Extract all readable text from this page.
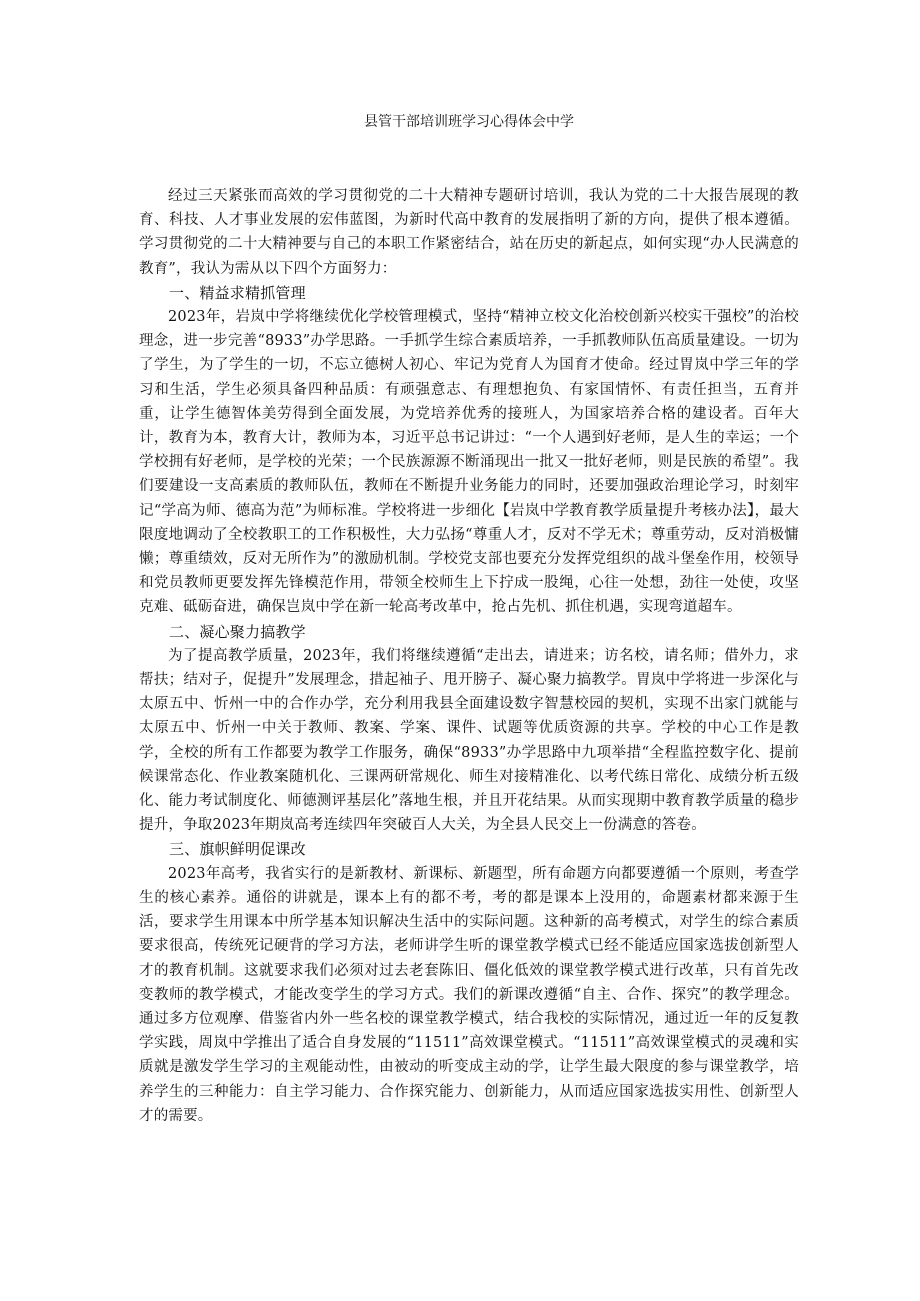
县管干部培训班学习心得体会中学

经过三天紧张而高效的学习贯彻党的二十大精神专题研讨培训，我认为党的二十大报告展现的教育、科技、人才事业发展的宏伟蓝图，为新时代高中教育的发展指明了新的方向，提供了根本遵循。学习贯彻党的二十大精神要与自己的本职工作紧密结合，站在历史的新起点，如何实现“办人民满意的教育”，我认为需从以下四个方面努力：

一、精益求精抓管理

2023年，岩岚中学将继续优化学校管理模式，坚持“精神立校文化治校创新兴校实干强校”的治校理念，进一步完善“8933”办学思路。一手抓学生综合素质培养，一手抓教师队伍高质量建设。一切为了学生，为了学生的一切，不忘立德树人初心、牢记为党育人为国育才使命。经过胃岚中学三年的学习和生活，学生必须具备四种品质：有顽强意志、有理想抱负、有家国情怀、有责任担当，五育并重，让学生德智体美劳得到全面发展，为党培养优秀的接班人，为国家培养合格的建设者。百年大计，教育为本，教育大计，教师为本，习近平总书记讲过：“一个人遇到好老师，是人生的幸运；一个学校拥有好老师，是学校的光荣；一个民族源源不断涌现出一批又一批好老师，则是民族的希望”。我们要建设一支高素质的教师队伍，教师在不断提升业务能力的同时，还要加强政治理论学习，时刻牢记“学高为师、德高为范”为师标准。学校将进一步细化【岩岚中学教育教学质量提升考核办法】，最大限度地调动了全校教职工的工作积极性，大力弘扬“尊重人才，反对不学无术；尊重劳动，反对消极慵懒；尊重绩效，反对无所作为”的激励机制。学校党支部也要充分发挥党组织的战斗堡垒作用，校领导和党员教师更要发挥先锋模范作用，带领全校师生上下拧成一股绳，心往一处想，劲往一处使，攻坚克难、砥砺奋进，确保岂岚中学在新一轮高考改革中，抢占先机、抓住机遇，实现弯道超车。

二、凝心聚力搞教学

为了提高教学质量，2023年，我们将继续遵循“走出去，请进来；访名校，请名师；借外力，求帮扶；结对子，促提升”发展理念，措起袖子、甩开膀子、凝心聚力搞教学。胃岚中学将进一步深化与太原五中、忻州一中的合作办学，充分利用我县全面建设数字智慧校园的契机，实现不出家门就能与太原五中、忻州一中关于教师、教案、学案、课件、试题等优质资源的共享。学校的中心工作是教学，全校的所有工作都要为教学工作服务，确保“8933”办学思路中九项举措“全程监控数字化、提前候课常态化、作业教案随机化、三课两研常规化、师生对接精准化、以考代练日常化、成绩分析五级化、能力考试制度化、师德测评基层化”落地生根，并且开花结果。从而实现期中教育教学质量的稳步提升，争取2023年期岚高考连续四年突破百人大关，为全县人民交上一份满意的答卷。

三、旗帜鲜明促课改

2023年高考，我省实行的是新教材、新课标、新题型，所有命题方向都要遵循一个原则，考查学生的核心素养。通俗的讲就是，课本上有的都不考，考的都是课本上没用的，命题素材都来源于生活，要求学生用课本中所学基本知识解决生活中的实际问题。这种新的高考模式，对学生的综合素质要求很高，传统死记硬背的学习方法，老师讲学生听的课堂教学模式已经不能适应国家选拔创新型人才的教育机制。这就要求我们必须对过去老套陈旧、僵化低效的课堂教学模式进行改革，只有首先改变教师的教学模式，才能改变学生的学习方式。我们的新课改遵循“自主、合作、探究”的教学理念。通过多方位观摩、借鉴省内外一些名校的课堂教学模式，结合我校的实际情况，通过近一年的反复教学实践，周岚中学推出了适合自身发展的“11511”高效课堂模式。“11511”高效课堂模式的灵魂和实质就是激发学生学习的主观能动性，由被动的听变成主动的学，让学生最大限度的参与课堂教学，培养学生的三种能力：自主学习能力、合作探究能力、创新能力，从而适应国家选拔实用性、创新型人才的需要。
